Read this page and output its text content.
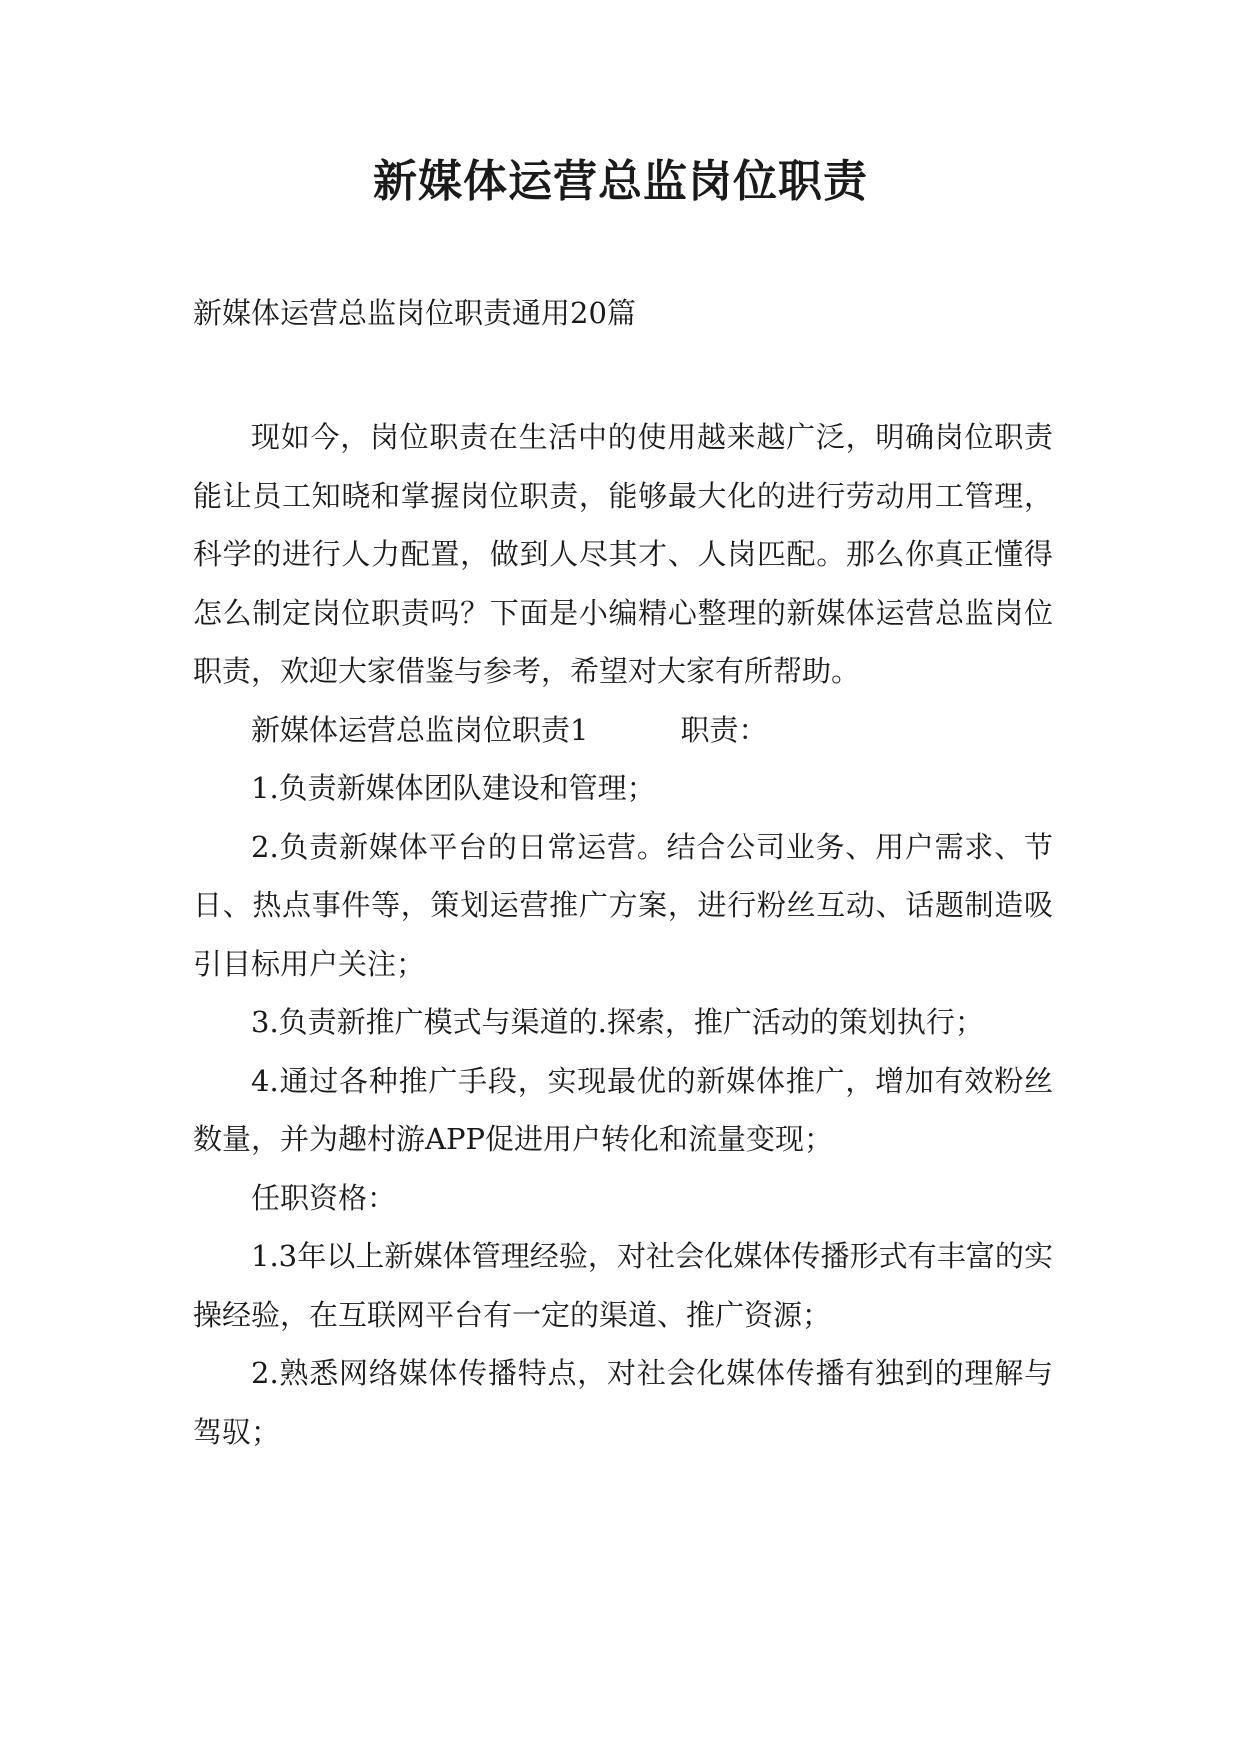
新媒体运营总监岗位职责
新媒体运营总监岗位职责通用20篇

现如今，岗位职责在生活中的使用越来越广泛，明确岗位职责能让员工知晓和掌握岗位职责，能够最大化的进行劳动用工管理，科学的进行人力配置，做到人尽其才、人岗匹配。那么你真正懂得怎么制定岗位职责吗？下面是小编精心整理的新媒体运营总监岗位职责，欢迎大家借鉴与参考，希望对大家有所帮助。

新媒体运营总监岗位职责1	职责：

1.负责新媒体团队建设和管理；

2.负责新媒体平台的日常运营。结合公司业务、用户需求、节日、热点事件等，策划运营推广方案，进行粉丝互动、话题制造吸引目标用户关注；

3.负责新推广模式与渠道的.探索，推广活动的策划执行；

4.通过各种推广手段，实现最优的新媒体推广，增加有效粉丝数量，并为趣村游APP促进用户转化和流量变现；

任职资格：

1.3年以上新媒体管理经验，对社会化媒体传播形式有丰富的实操经验，在互联网平台有一定的渠道、推广资源；

2.熟悉网络媒体传播特点，对社会化媒体传播有独到的理解与驾驭；
